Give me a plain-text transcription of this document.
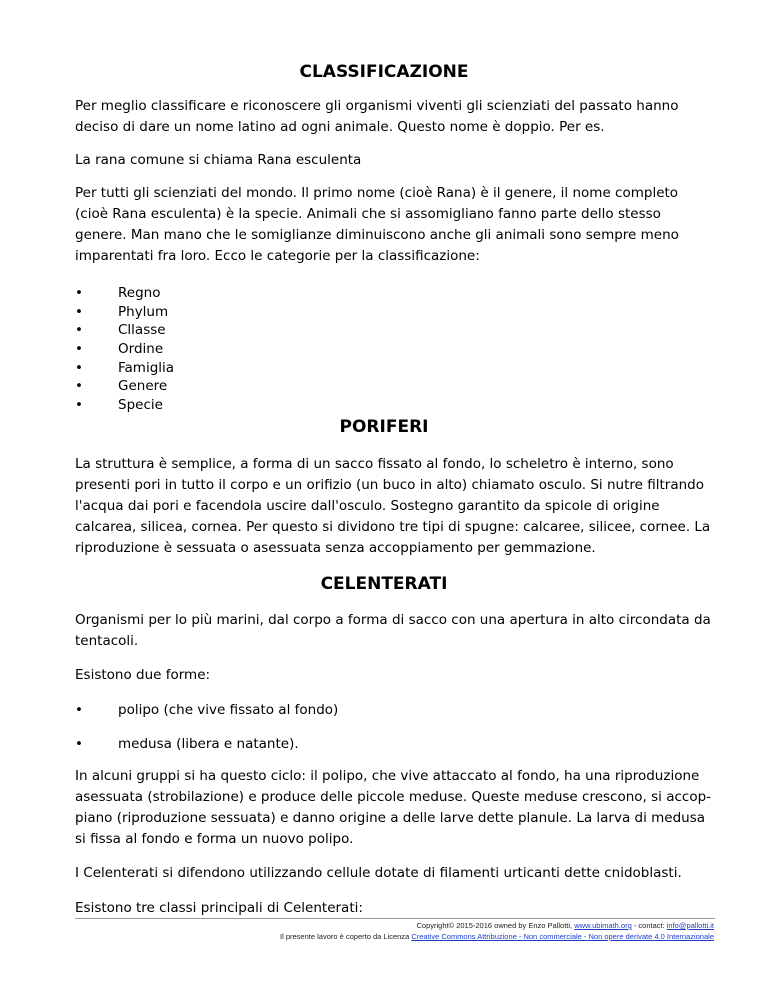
CLASSIFICAZIONE

Per meglio classificare e riconoscere gli organismi viventi gli scienziati del passato hanno deciso di dare un nome latino ad ogni animale. Questo nome è doppio. Per es.

La rana comune si chiama Rana esculenta

Per tutti gli scienziati del mondo. Il primo nome (cioè Rana) è il genere, il nome completo (cioè Rana esculenta) è la specie. Animali che si assomigliano fanno parte dello stesso genere. Man mano che le somiglianze diminuiscono anche gli animali sono sempre meno imparentati fra loro. Ecco le categorie per la classificazione:

•	Regno
•	Phylum
•	Cllasse
•	Ordine
•	Famiglia
•	Genere
•	Specie
PORIFERI

La struttura è semplice, a forma di un sacco fissato al fondo, lo scheletro è interno, sono presenti pori in tutto il corpo e un orifizio (un buco in alto) chiamato osculo. Si nutre filtrando l'acqua dai pori e facendola uscire dall'osculo. Sostegno garantito da spicole di origine calcarea, silicea, cornea. Per questo si dividono tre tipi di spugne: calcaree, silicee, cornee. La riproduzione è sessuata o asessuata senza accoppiamento per gemmazione.

CELENTERATI

Organismi per lo più marini, dal corpo a forma di sacco con una apertura in alto circondata da tentacoli.

Esistono due forme:

•	polipo (che vive fissato al fondo)
•	medusa (libera e natante).

In alcuni gruppi si ha questo ciclo: il polipo, che vive attaccato al fondo, ha una riproduzione asessuata (strobilazione) e produce delle piccole meduse. Queste meduse crescono, si accop-piano (riproduzione sessuata) e danno origine a delle larve dette planule. La larva di medusa si fissa al fondo e forma un nuovo polipo.

I Celenterati si difendono utilizzando cellule dotate di filamenti urticanti dette cnidoblasti.

Esistono tre classi principali di Celenterati:

Copyright© 2015-2016 owned by Enzo Pallotti, www.ubimath.org - contact: info@pallotti.it
Il presente lavoro è coperto da Licenza Creative Commons Attribuzione - Non commerciale - Non opere derivate 4.0 Internazionale
